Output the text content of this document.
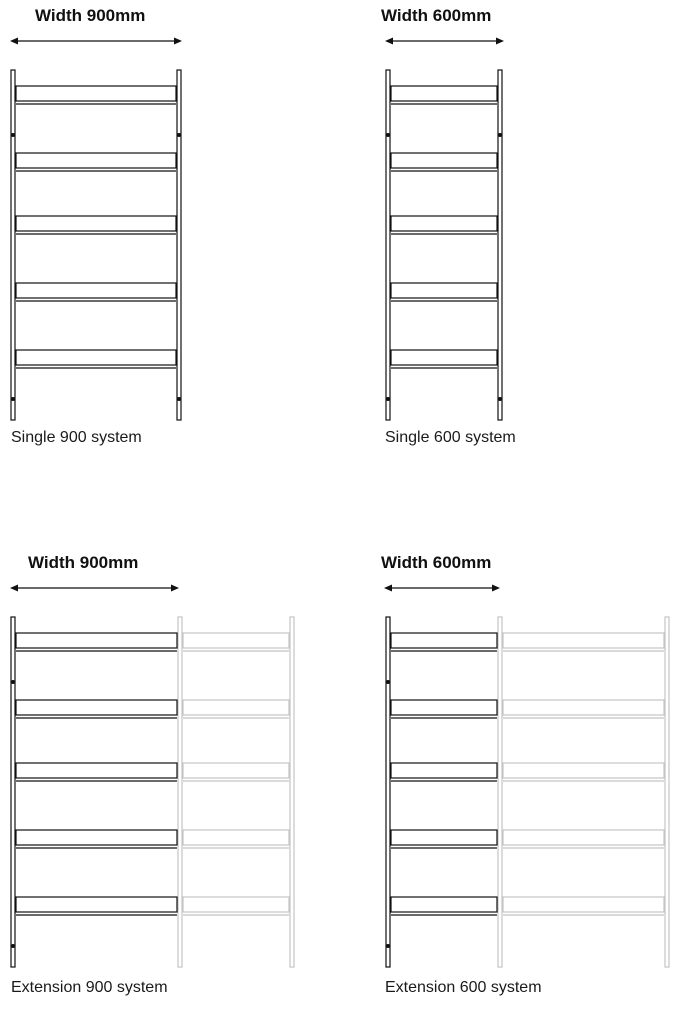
Width 900mm
Single 900 system
Width 600mm
Single 600 system
Width 900mm
Extension 900 system
Width 600mm
Extension 600 system
